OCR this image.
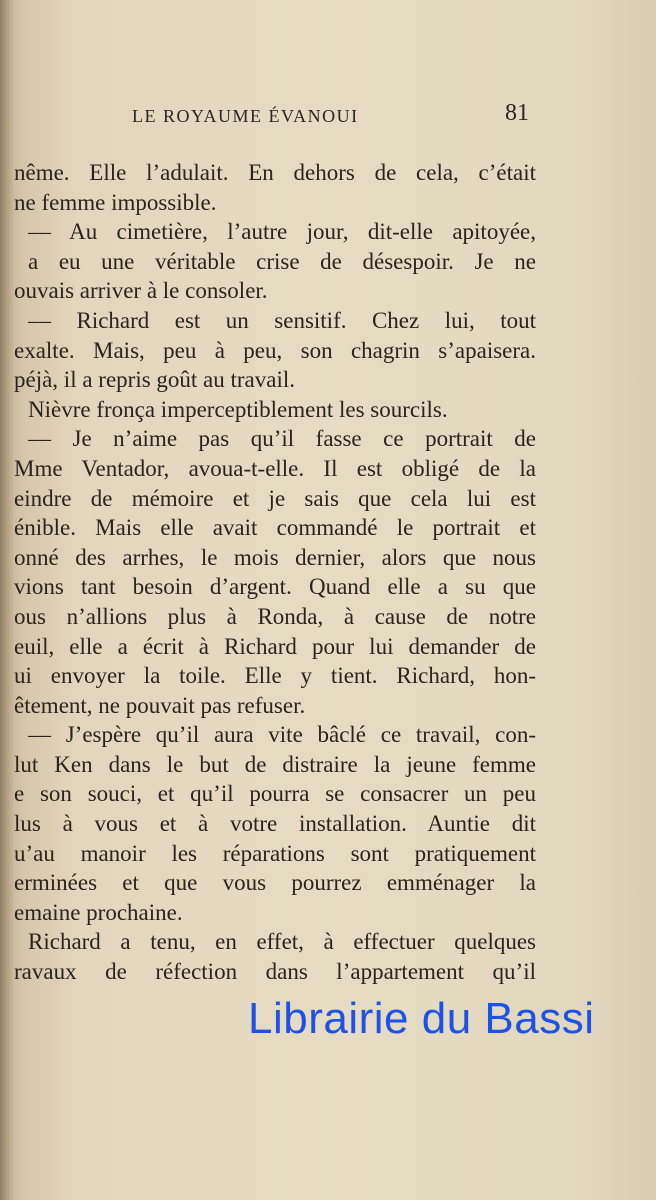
LE ROYAUME ÉVANOUI	81
nême. Elle l’adulait. En dehors de cela, c’était
ne femme impossible.
— Au cimetière, l’autre jour, dit-elle apitoyée,
a eu une véritable crise de désespoir. Je ne
ouvais arriver à le consoler.
— Richard est un sensitif. Chez lui, tout
exalte. Mais, peu à peu, son chagrin s’apaisera.
péjà, il a repris goût au travail.
Nièvre fronça imperceptiblement les sourcils.
— Je n’aime pas qu’il fasse ce portrait de
Mme Ventador, avoua-t-elle. Il est obligé de la
eindre de mémoire et je sais que cela lui est
énible. Mais elle avait commandé le portrait et
onné des arrhes, le mois dernier, alors que nous
vions tant besoin d’argent. Quand elle a su que
ous n’allions plus à Ronda, à cause de notre
euil, elle a écrit à Richard pour lui demander de
ui envoyer la toile. Elle y tient. Richard, hon-
êtement, ne pouvait pas refuser.
— J’espère qu’il aura vite bâclé ce travail, con-
lut Ken dans le but de distraire la jeune femme
e son souci, et qu’il pourra se consacrer un peu
lus à vous et à votre installation. Auntie dit
u’au manoir les réparations sont pratiquement
erminées et que vous pourrez emménager la
emaine prochaine.
Richard a tenu, en effet, à effectuer quelques
ravaux de réfection dans l’appartement qu’il
Librairie du Bassi
